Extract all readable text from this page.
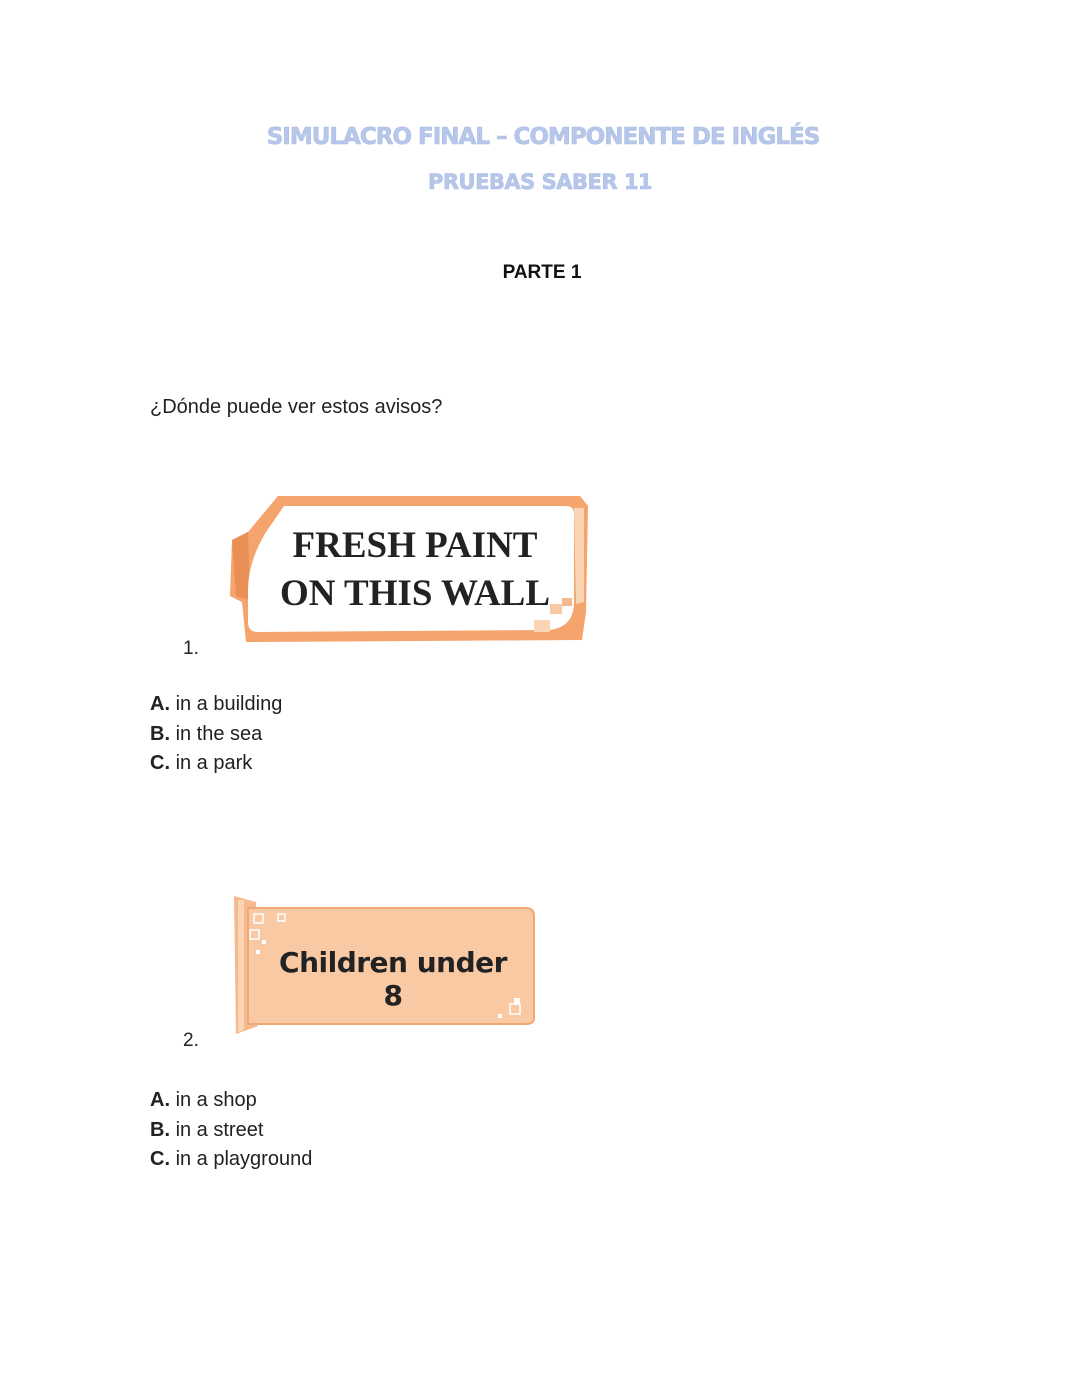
SIMULACRO FINAL – COMPONENTE DE INGLÉS
PRUEBAS SABER 11
PARTE 1
¿Dónde puede ver estos avisos?
FRESH PAINT
ON THIS WALL
1.
A. in a building
B. in the sea
C. in a park
Children under 8
2.
A. in a shop
B. in a street
C. in a playground
